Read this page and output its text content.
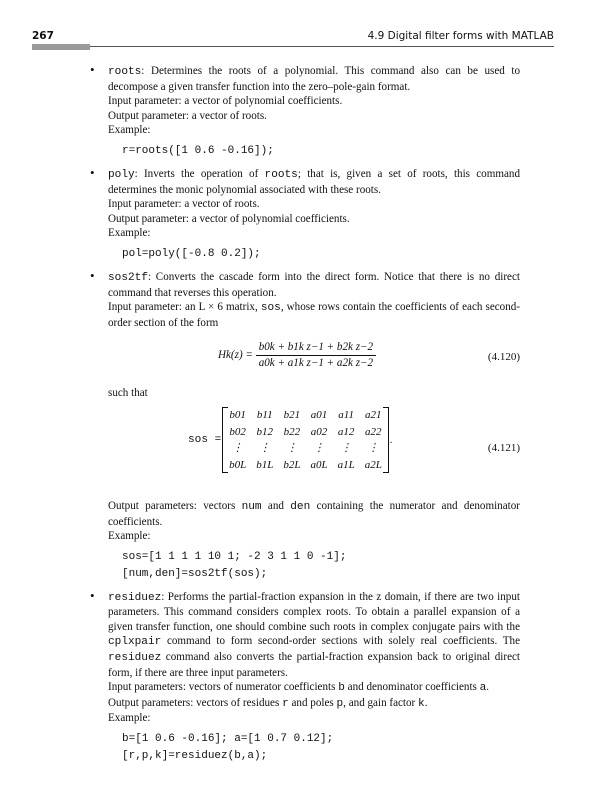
267	4.9 Digital filter forms with MATLAB
• roots: Determines the roots of a polynomial. This command also can be used to decompose a given transfer function into the zero–pole-gain format.

Input parameter: a vector of polynomial coefficients.

Output parameter: a vector of roots.

Example:

r=roots([1 0.6 -0.16]);
• poly: Inverts the operation of roots; that is, given a set of roots, this command determines the monic polynomial associated with these roots.

Input parameter: a vector of roots.

Output parameter: a vector of polynomial coefficients.

Example:

pol=poly([-0.8 0.2]);
• sos2tf: Converts the cascade form into the direct form. Notice that there is no direct command that reverses this operation.

Input parameter: an L × 6 matrix, sos, whose rows contain the coefficients of each second-order section of the form

$Hk(z) = \frac{\text{b0k + b1k z−1 + b2k z−2}}{\text{a0k + a1k z−1 + a2k z−2}}$	(4.120)

such that

sos =
b01	b11	b21	a01	a11	a21
b02	b12	b22	a02	a12	a22
⋮	⋮	⋮	⋮	⋮	⋮
b0L	b1L	b2L	a0L	a1L	a2L
.
(4.121)

Output parameters: vectors num and den containing the numerator and denominator coefficients.

Example:

sos=[1 1 1 1 10 1; -2 3 1 1 0 -1];
[num,den]=sos2tf(sos);
• residuez: Performs the partial-fraction expansion in the z domain, if there are two input parameters. This command considers complex roots. To obtain a parallel expansion of a given transfer function, one should combine such roots in complex conjugate pairs with the cplxpair command to form second-order sections with solely real coefficients. The residuez command also converts the partial-fraction expansion back to original direct form, if there are three input parameters.

Input parameters: vectors of numerator coefficients b and denominator coefficients a.

Output parameters: vectors of residues r and poles p, and gain factor k.

Example:

b=[1 0.6 -0.16]; a=[1 0.7 0.12];
[r,p,k]=residuez(b,a);
